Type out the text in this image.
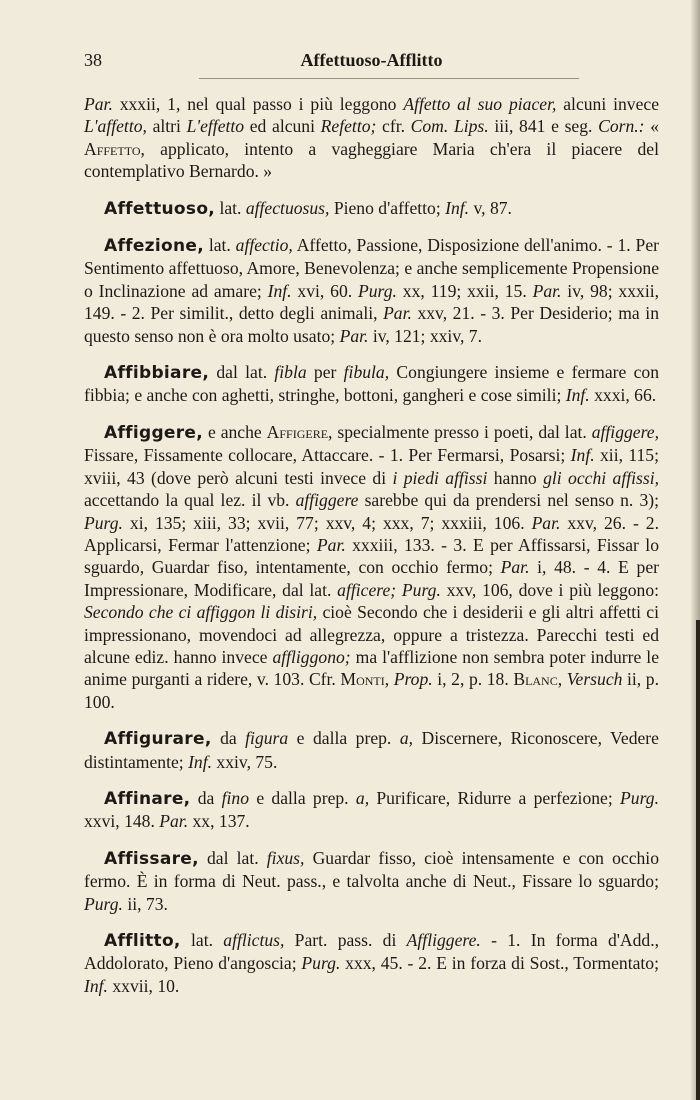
38	Affettuoso-Afflitto

Par. xxxii, 1, nel qual passo i più leggono Affetto al suo piacer, alcuni invece L'affetto, altri L'effetto ed alcuni Refetto; cfr. Com. Lips. iii, 841 e seg. Corn.: « Affetto, applicato, intento a vagheggiare Maria ch'era il piacere del contemplativo Bernardo. »

Affettuoso, lat. affectuosus, Pieno d'affetto; Inf. v, 87.

Affezione, lat. affectio, Affetto, Passione, Disposizione dell'animo. - 1. Per Sentimento affettuoso, Amore, Benevolenza; e anche semplicemente Propensione o Inclinazione ad amare; Inf. xvi, 60. Purg. xx, 119; xxii, 15. Par. iv, 98; xxxii, 149. - 2. Per similit., detto degli animali, Par. xxv, 21. - 3. Per Desiderio; ma in questo senso non è ora molto usato; Par. iv, 121; xxiv, 7.

Affibbiare, dal lat. fibla per fibula, Congiungere insieme e fermare con fibbia; e anche con aghetti, stringhe, bottoni, gangheri e cose simili; Inf. xxxi, 66.

Affiggere, e anche Affigere, specialmente presso i poeti, dal lat. affiggere, Fissare, Fissamente collocare, Attaccare. - 1. Per Fermarsi, Posarsi; Inf. xii, 115; xviii, 43 (dove però alcuni testi invece di i piedi affissi hanno gli occhi affissi, accettando la qual lez. il vb. affiggere sarebbe qui da prendersi nel senso n. 3); Purg. xi, 135; xiii, 33; xvii, 77; xxv, 4; xxx, 7; xxxiii, 106. Par. xxv, 26. - 2. Applicarsi, Fermar l'attenzione; Par. xxxiii, 133. - 3. E per Affissarsi, Fissar lo sguardo, Guardar fiso, intentamente, con occhio fermo; Par. i, 48. - 4. E per Impressionare, Modificare, dal lat. afficere; Purg. xxv, 106, dove i più leggono: Secondo che ci affiggon li disiri, cioè Secondo che i desiderii e gli altri affetti ci impressionano, movendoci ad allegrezza, oppure a tristezza. Parecchi testi ed alcune ediz. hanno invece affliggono; ma l'afflizione non sembra poter indurre le anime purganti a ridere, v. 103. Cfr. Monti, Prop. i, 2, p. 18. Blanc, Versuch ii, p. 100.

Affigurare, da figura e dalla prep. a, Discernere, Riconoscere, Vedere distintamente; Inf. xxiv, 75.

Affinare, da fino e dalla prep. a, Purificare, Ridurre a perfezione; Purg. xxvi, 148. Par. xx, 137.

Affissare, dal lat. fixus, Guardar fisso, cioè intensamente e con occhio fermo. È in forma di Neut. pass., e talvolta anche di Neut., Fissare lo sguardo; Purg. ii, 73.

Afflitto, lat. afflictus, Part. pass. di Affliggere. - 1. In forma d'Add., Addolorato, Pieno d'angoscia; Purg. xxx, 45. - 2. E in forza di Sost., Tormentato; Inf. xxvii, 10.
